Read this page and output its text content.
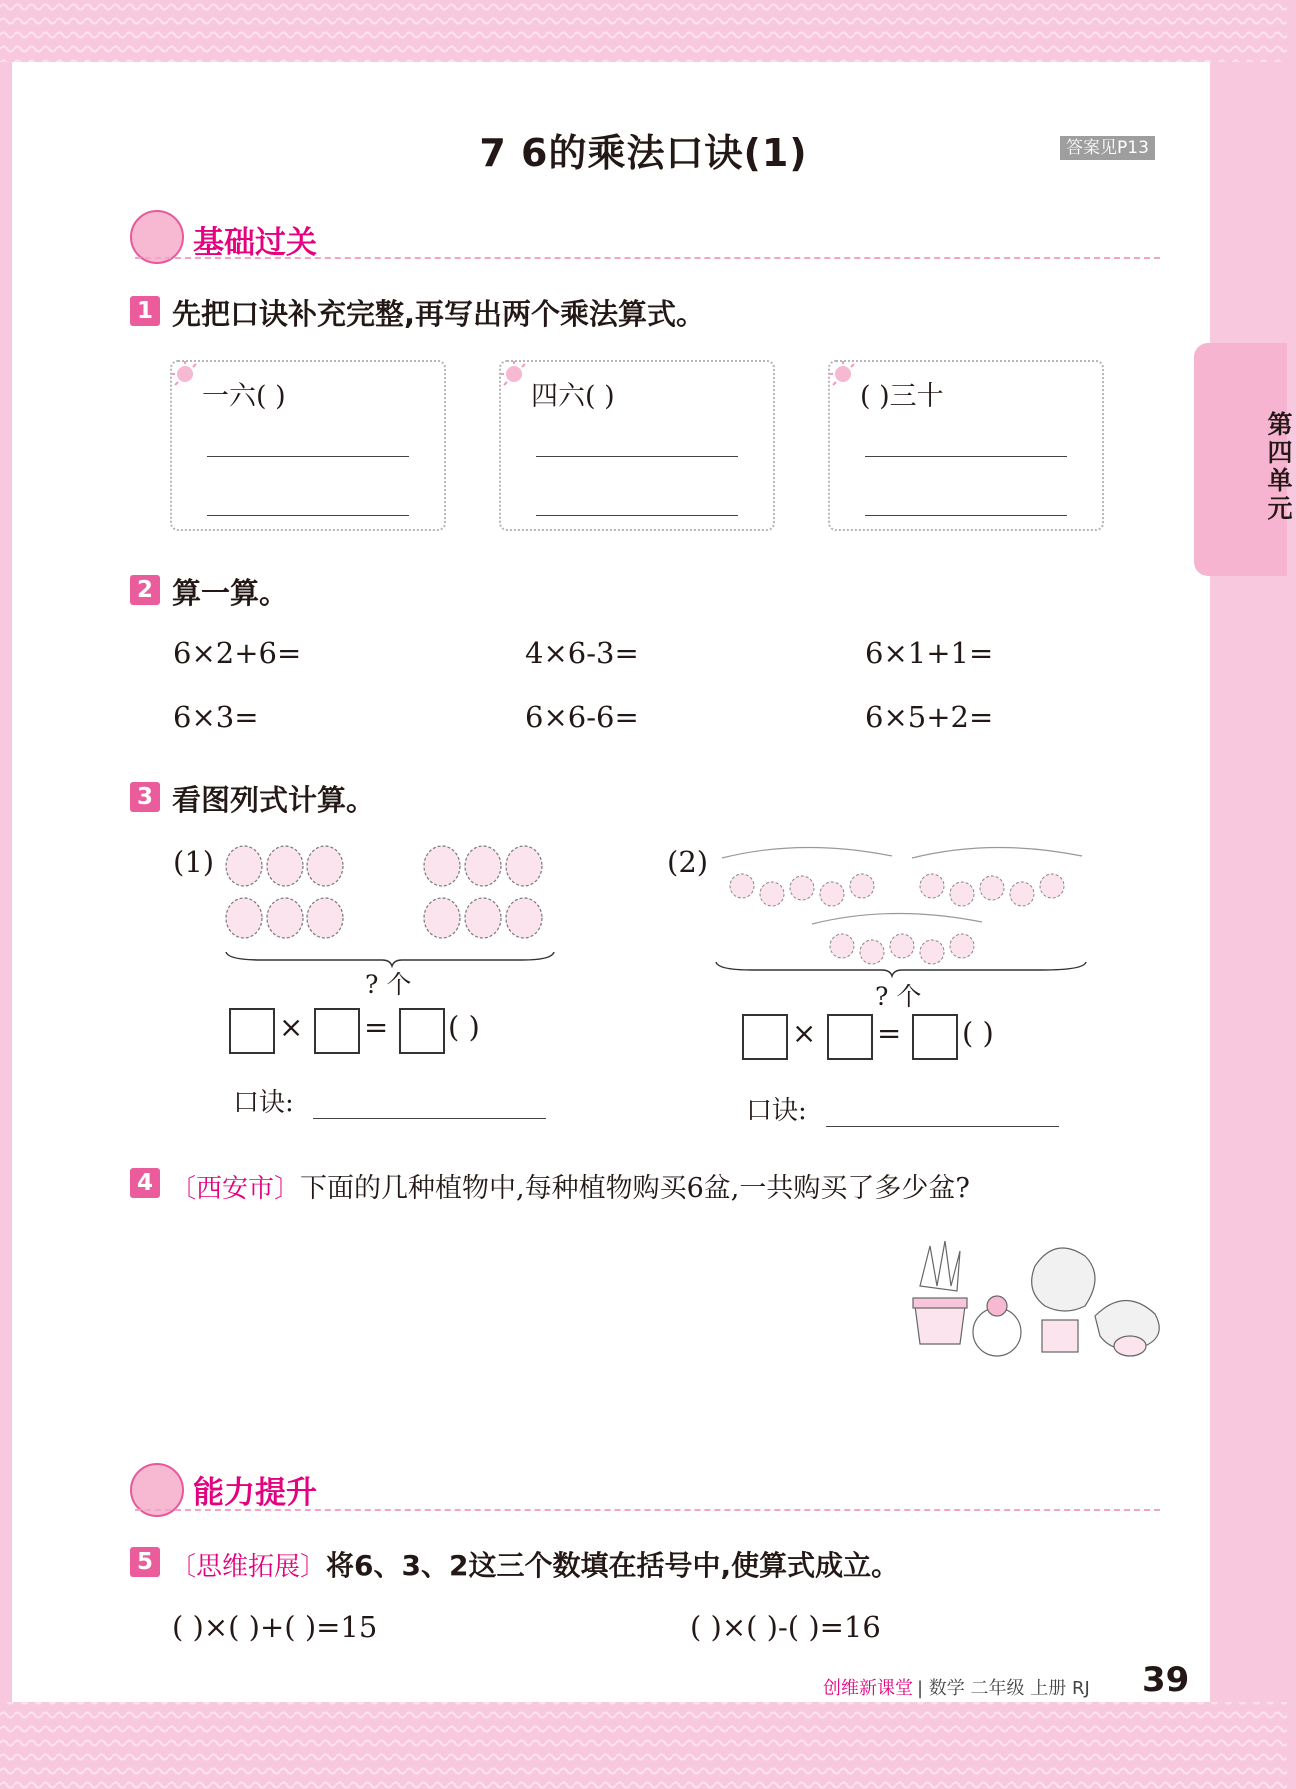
7 6的乘法口诀(1)	答案见P13
第四单元
基础过关
1 先把口诀补充完整,再写出两个乘法算式。
一六( )	四六( )	( )三十
2 算一算。
6×2+6=	4×6-3=	6×1+1=
6×3=	6×6-6=	6×5+2=
3 看图列式计算。
(1)
? 个
× = ( )
口诀:
(2)
? 个
× = ( )
口诀:
4 〔西安市〕下面的几种植物中,每种植物购买6盆,一共购买了多少盆?
能力提升
5 〔思维拓展〕将6、3、2这三个数填在括号中,使算式成立。
( )×( )+( )=15	( )×( )-( )=16
创维新课堂 | 数学 二年级 上册 RJ 39
